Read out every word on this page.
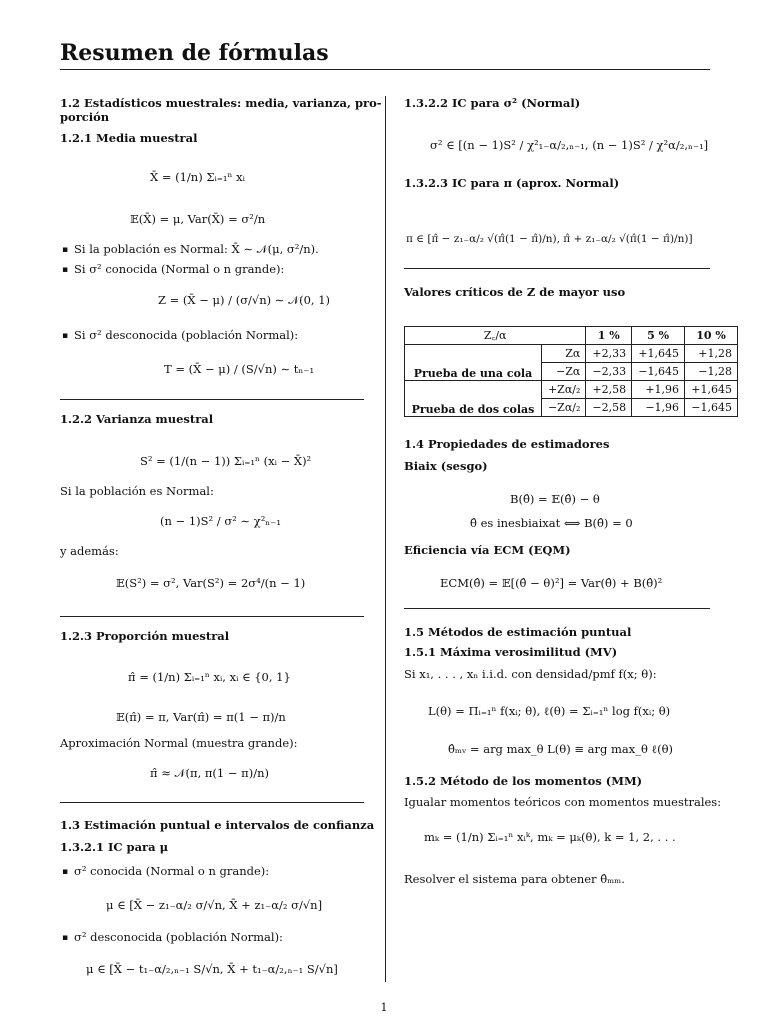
Resumen de fórmulas
1.2 Estadísticos muestrales: media, varianza, pro-
porción
1.2.1 Media muestral
X̄ = (1/n) Σᵢ₌₁ⁿ xᵢ
𝔼(X̄) = μ, Var(X̄) = σ²/n
▪ Si la población es Normal: X̄ ∼ 𝒩(μ, σ²/n).
▪ Si σ² conocida (Normal o n grande):
Z = (X̄ − μ) / (σ/√n) ∼ 𝒩(0, 1)
▪ Si σ² desconocida (población Normal):
T = (X̄ − μ) / (S/√n) ∼ tₙ₋₁
1.2.2 Varianza muestral
S² = (1/(n − 1)) Σᵢ₌₁ⁿ (xᵢ − X̄)²
Si la población es Normal:
(n − 1)S² / σ² ∼ χ²ₙ₋₁
y además:
𝔼(S²) = σ², Var(S²) = 2σ⁴/(n − 1)
1.2.3 Proporción muestral
π̂ = (1/n) Σᵢ₌₁ⁿ xᵢ, xᵢ ∈ {0, 1}
𝔼(π̂) = π, Var(π̂) = π(1 − π)/n
Aproximación Normal (muestra grande):
π̂ ≈ 𝒩(π, π(1 − π)/n)
1.3 Estimación puntual e intervalos de confianza
1.3.2.1 IC para μ
▪ σ² conocida (Normal o n grande):
μ ∈ [X̄ − z₁₋α/₂ σ/√n, X̄ + z₁₋α/₂ σ/√n]
▪ σ² desconocida (población Normal):
μ ∈ [X̄ − t₁₋α/₂,ₙ₋₁ S/√n, X̄ + t₁₋α/₂,ₙ₋₁ S/√n]
1.3.2.2 IC para σ² (Normal)
σ² ∈ [(n − 1)S² / χ²₁₋α/₂,ₙ₋₁, (n − 1)S² / χ²α/₂,ₙ₋₁]
1.3.2.3 IC para π (aprox. Normal)
π ∈ [π̂ − z₁₋α/₂ √(π̂(1 − π̂)/n), π̂ + z₁₋α/₂ √(π̂(1 − π̂)/n)]
Valores críticos de Z de mayor uso
Z꜀/α		1 %	5 %	10 %
Prueba de una cola	Zα	+2,33	+1,645	+1,28
	−Zα	−2,33	−1,645	−1,28
Prueba de dos colas	+Zα/₂	+2,58	+1,96	+1,645
	−Zα/₂	−2,58	−1,96	−1,645
1.4 Propiedades de estimadores
Biaix (sesgo)
B(θ̂) = 𝔼(θ̂) − θ
θ̂ es inesbiaixat ⟺ B(θ̂) = 0
Eficiencia vía ECM (EQM)
ECM(θ̂) = 𝔼[(θ̂ − θ)²] = Var(θ̂) + B(θ̂)²
1.5 Métodos de estimación puntual
1.5.1 Máxima verosimilitud (MV)
Si x₁, . . . , xₙ i.i.d. con densidad/pmf f(x; θ):
L(θ) = Πᵢ₌₁ⁿ f(xᵢ; θ), ℓ(θ) = Σᵢ₌₁ⁿ log f(xᵢ; θ)
θ̂ₘᵥ = arg max_θ L(θ) ≡ arg max_θ ℓ(θ)
1.5.2 Método de los momentos (MM)
Igualar momentos teóricos con momentos muestrales:
mₖ = (1/n) Σᵢ₌₁ⁿ xᵢᵏ, mₖ = μₖ(θ), k = 1, 2, . . .
Resolver el sistema para obtener θ̂ₘₘ.
1
